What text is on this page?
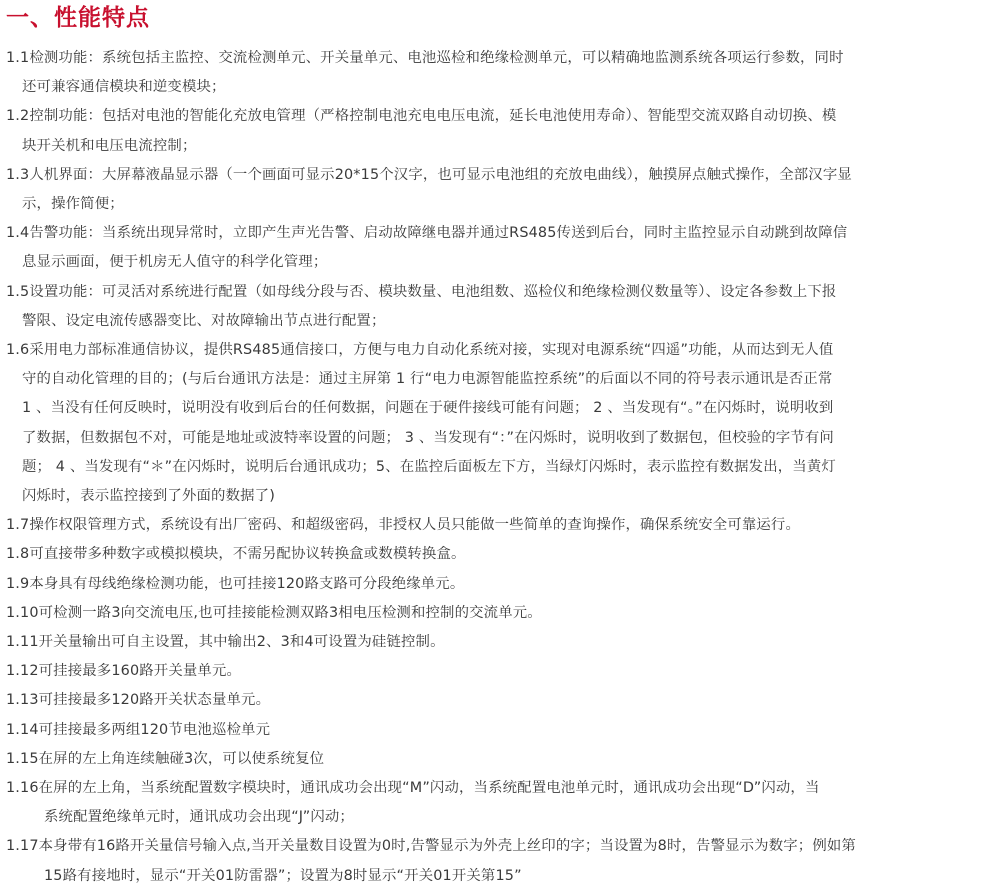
一、性能特点
1.1检测功能：系统包括主监控、交流检测单元、开关量单元、电池巡检和绝缘检测单元，可以精确地监测系统各项运行参数，同时
还可兼容通信模块和逆变模块；
1.2控制功能：包括对电池的智能化充放电管理（严格控制电池充电电压电流，延长电池使用寿命）、智能型交流双路自动切换、模
块开关机和电压电流控制；
1.3人机界面：大屏幕液晶显示器（一个画面可显示20*15个汉字，也可显示电池组的充放电曲线），触摸屏点触式操作，全部汉字显
示，操作简便；
1.4告警功能：当系统出现异常时，立即产生声光告警、启动故障继电器并通过RS485传送到后台，同时主监控显示自动跳到故障信
息显示画面，便于机房无人值守的科学化管理；
1.5设置功能：可灵活对系统进行配置（如母线分段与否、模块数量、电池组数、巡检仪和绝缘检测仪数量等）、设定各参数上下报
警限、设定电流传感器变比、对故障输出节点进行配置；
1.6采用电力部标准通信协议，提供RS485通信接口，方便与电力自动化系统对接，实现对电源系统“四遥”功能，从而达到无人值
守的自动化管理的目的；(与后台通讯方法是：通过主屏第 1 行“电力电源智能监控系统”的后面以不同的符号表示通讯是否正常
1 、当没有任何反映时，说明没有收到后台的任何数据，问题在于硬件接线可能有问题； 2 、当发现有“。”在闪烁时，说明收到
了数据，但数据包不对，可能是地址或波特率设置的问题； 3 、当发现有“：”在闪烁时，说明收到了数据包，但校验的字节有问
题； 4 、当发现有“＊”在闪烁时，说明后台通讯成功；5、在监控后面板左下方，当绿灯闪烁时，表示监控有数据发出，当黄灯
闪烁时，表示监控接到了外面的数据了)
1.7操作权限管理方式，系统设有出厂密码、和超级密码，非授权人员只能做一些简单的查询操作，确保系统安全可靠运行。
1.8可直接带多种数字或模拟模块，不需另配协议转换盒或数模转换盒。
1.9本身具有母线绝缘检测功能，也可挂接120路支路可分段绝缘单元。
1.10可检测一路3向交流电压,也可挂接能检测双路3相电压检测和控制的交流单元。
1.11开关量输出可自主设置，其中输出2、3和4可设置为硅链控制。
1.12可挂接最多160路开关量单元。
1.13可挂接最多120路开关状态量单元。
1.14可挂接最多两组120节电池巡检单元
1.15在屏的左上角连续触碰3次，可以使系统复位
1.16在屏的左上角，当系统配置数字模块时，通讯成功会出现“M”闪动，当系统配置电池单元时，通讯成功会出现“D”闪动，当
系统配置绝缘单元时，通讯成功会出现“J”闪动；
1.17本身带有16路开关量信号输入点,当开关量数目设置为0时,告警显示为外壳上丝印的字；当设置为8时，告警显示为数字；例如第
15路有接地时，显示“开关01防雷器”；设置为8时显示“开关01开关第15”
